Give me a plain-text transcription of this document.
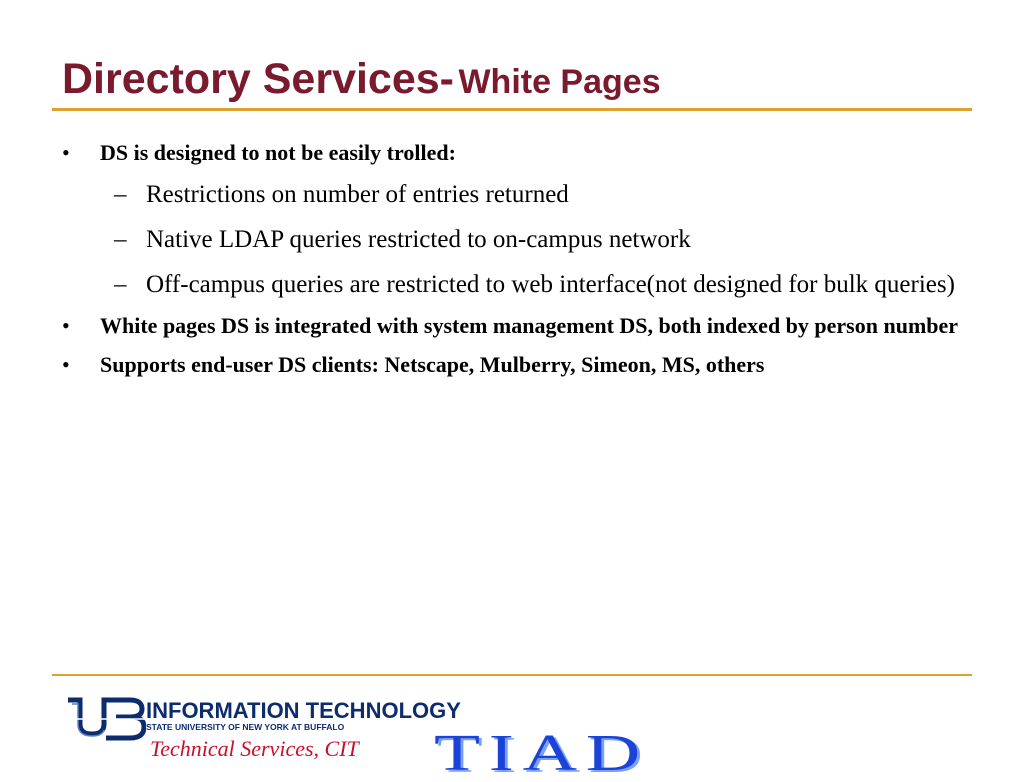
Directory Services- White Pages
• DS is designed to not be easily trolled:
– Restrictions on number of entries returned
– Native LDAP queries restricted to on-campus network
– Off-campus queries are restricted to web interface(not designed for bulk queries)
• White pages DS is integrated with system management DS, both indexed by person number
• Supports end-user DS clients: Netscape, Mulberry, Simeon, MS, others
INFORMATION TECHNOLOGY
STATE UNIVERSITY OF NEW YORK AT BUFFALO
Technical Services, CIT TIAD
